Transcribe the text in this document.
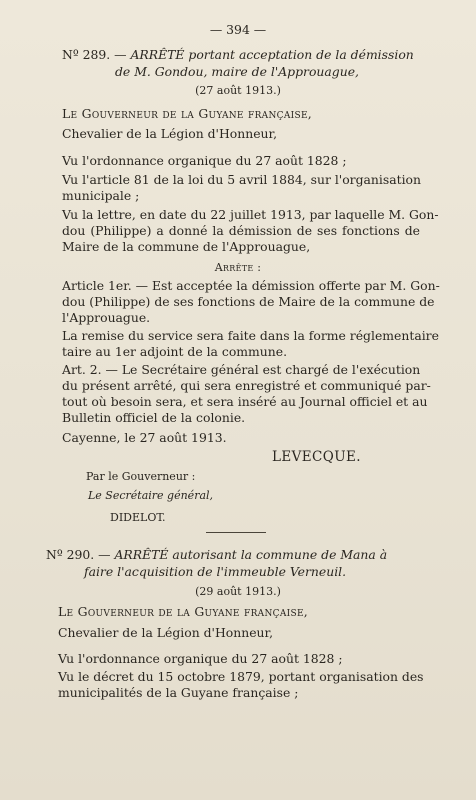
— 394 —
Nº 289. — ARRÊTÉ portant acceptation de la démission
de M. Gondou, maire de l'Approuague,
(27 août 1913.)
Le Gouverneur de la Guyane française,
Chevalier de la Légion d'Honneur,
Vu l'ordonnance organique du 27 août 1828 ;
Vu l'article 81 de la loi du 5 avril 1884, sur l'organisation
municipale ;
Vu la lettre, en date du 22 juillet 1913, par laquelle M. Gon-
dou (Philippe) a donné la démission de ses fonctions de
Maire de la commune de l'Approuague,
Arrête :
Article 1er. — Est acceptée la démission offerte par M. Gon-
dou (Philippe) de ses fonctions de Maire de la commune de
l'Approuague.
La remise du service sera faite dans la forme réglementaire
taire au 1er adjoint de la commune.
Art. 2. — Le Secrétaire général est chargé de l'exécution
du présent arrêté, qui sera enregistré et communiqué par-
tout où besoin sera, et sera inséré au Journal officiel et au
Bulletin officiel de la colonie.
Cayenne, le 27 août 1913.
LEVECQUE.
Par le Gouverneur :
Le Secrétaire général,
DIDELOT.
Nº 290. — ARRÊTÉ autorisant la commune de Mana à
faire l'acquisition de l'immeuble Verneuil.
(29 août 1913.)
Le Gouverneur de la Guyane française,
Chevalier de la Légion d'Honneur,
Vu l'ordonnance organique du 27 août 1828 ;
Vu le décret du 15 octobre 1879, portant organisation des
municipalités de la Guyane française ;
